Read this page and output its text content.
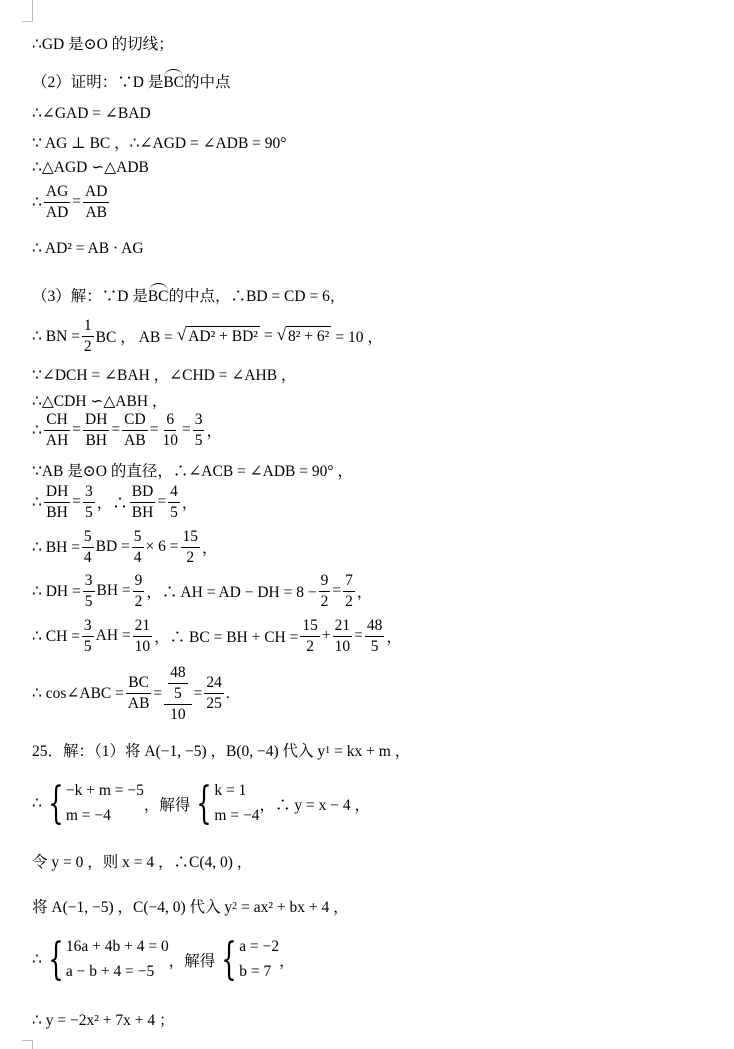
∴GD 是⊙O 的切线；
（2）证明：∵D 是 BC 的中点
∴∠GAD = ∠BAD
∵ AG ⊥ BC ，∴∠AGD = ∠ADB = 90°
∴△AGD ∽△ADB
∴ $\frac{AG}{AD} = \frac{AD}{AB}$
∴ AD² = AB · AG
（3）解：∵D 是 BC 的中点，∴BD = CD = 6，
∴ BN = $\frac{1}{2}$ BC ， AB = √ AD² + BD² = √ 8² + 6² = 10 ，
∵∠DCH = ∠BAH ，∠CHD = ∠AHB ，
∴△CDH ∽△ABH ，
∴ $\frac{CH}{AH} = \frac{DH}{BH} = \frac{CD}{AB} = \frac{6}{10} = \frac{3}{5}$ ，
∵AB 是⊙O 的直径，∴∠ACB = ∠ADB = 90° ，
∴ $\frac{DH}{BH} = \frac{3}{5}$ ，∴ $\frac{BD}{BH} = \frac{4}{5}$ ，
∴ BH = $\frac{5}{4}$ BD = $\frac{5}{4} \times 6 = \frac{15}{2}$ ，
∴ DH = $\frac{3}{5}$ BH = $\frac{9}{2}$ ，∴ AH = AD − DH = $8 - \frac{9}{2} = \frac{7}{2}$ ，
∴ CH = $\frac{3}{5}$ AH = $\frac{21}{10}$ ，∴ BC = BH + CH = $\frac{15}{2} + \frac{21}{10} = \frac{48}{5}$ ，
∴ cos∠ABC = $\frac{BC}{AB} = \frac{\frac{48}{5}}{10} = \frac{24}{25}$ .
25．解：（1）将 A(−1, −5) ，B(0, −4) 代入 y 1 = kx + m ，
∴ { −k + m = −5
m = −4
，解得 { k = 1
m = −4
，∴ y = x − 4 ，
令 y = 0 ，则 x = 4 ，∴C(4, 0) ，
将 A(−1, −5) ，C(−4, 0) 代入 y 2 = ax² + bx + 4 ，
∴ { 16a + 4b + 4 = 0
a − b + 4 = −5
，解得 { a = −2
b = 7
，
∴ y = −2x² + 7x + 4 ；
